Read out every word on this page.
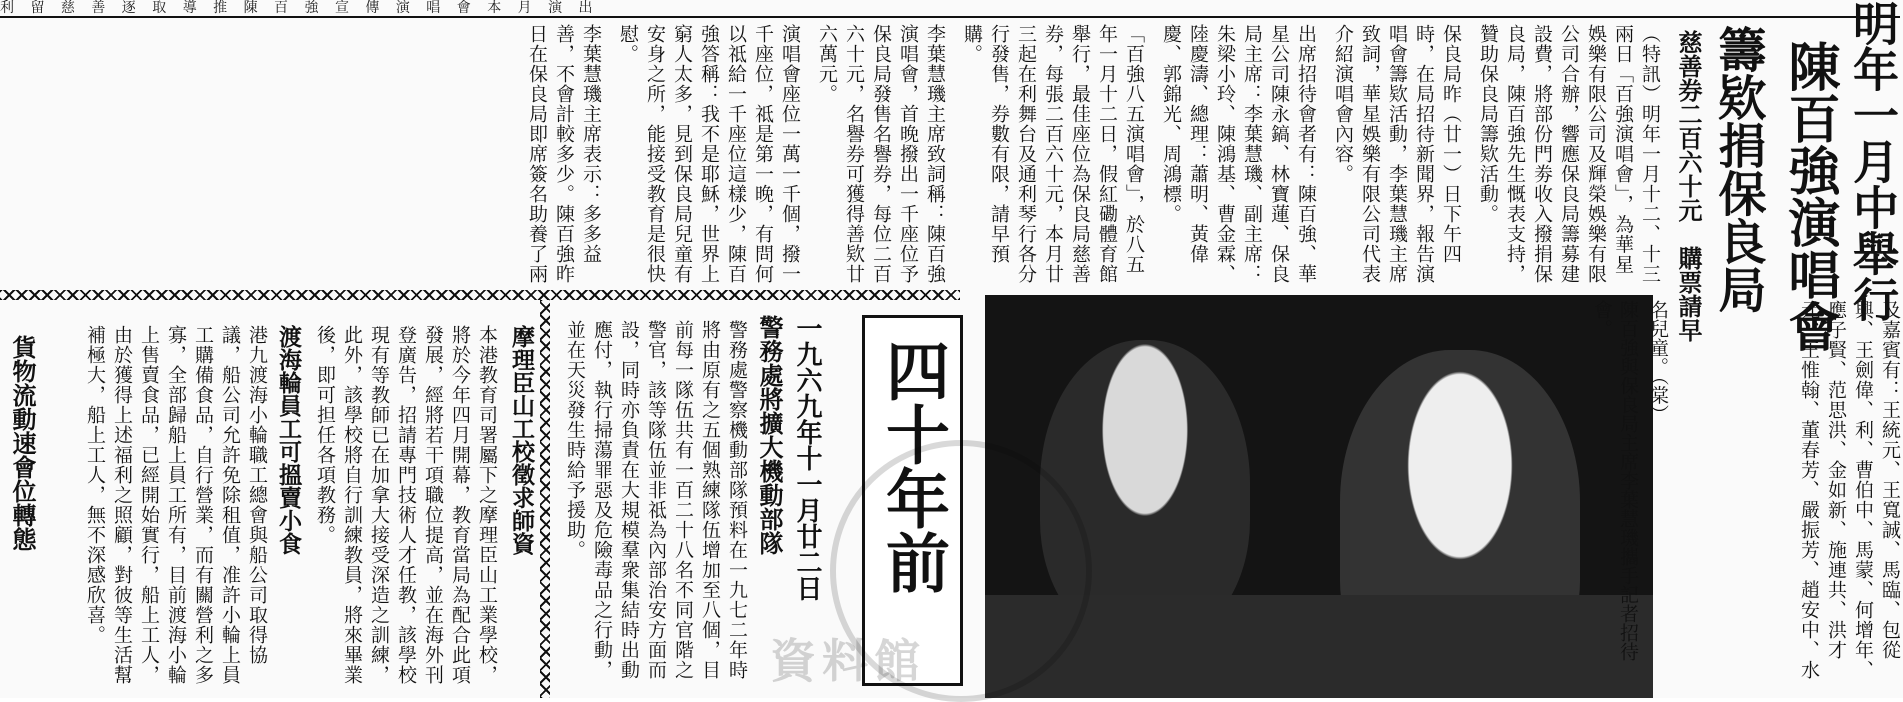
利 留 慈 善 逐 取 導 推 陳 百 強 宣 傳 演 唱 會 本 月 演 出	明年一月中舉行
陳百強演唱會
籌欵捐保良局
慈善券二百六十元　購票請早

（特訊）明年一月十二、十三兩日「百強演唱會」，為華星娛樂有限公司及輝榮娛樂有限公司合辦，響應保良局籌募建設費，將部份門劵收入撥捐保良局，陳百強先生慨表支持，贊助保良局籌欵活動。

保良局昨（廿一）日下午四時，在局招待新聞界，報告演唱會籌欵活動，李葉慧璣主席致詞，華星娛樂有限公司代表介紹演唱會內容。

出席招待會者有：陳百強、華星公司陳永鎬、林寶蓮、保良局主席：李葉慧璣、副主席：朱梁小玲、陳鴻基、曹金霖、陸慶濤、總理：蕭明、黃偉慶、郭錦光、周鴻標。

「百強八五演唱會」，於八五年一月十二日，假紅磡體育館舉行，最佳座位為保良局慈善券，每張二百六十元，本月廿三起在利舞台及通利琴行各分行發售，券數有限，請早預購。

李葉慧璣主席致詞稱：陳百強演唱會，首晚撥出一千座位予保良局發售名譽券，每位二百六十元，名譽券可獲得善欵廿六萬元。

演唱會座位一萬一千個，撥一千座位，祗是第一晚，有問何以祗給一千座位這樣少，陳百強答稱：我不是耶穌，世界上窮人太多，見到保良局兒童有安身之所，能接受教育是很快慰。

李葉慧璣主席表示：多多益善，不會計較多少。陳百強昨日在保良局即席簽名助養了兩

陳百強與保良局主席李葉慧璣攜手記者招待會。	名兒童。（棠）	及嘉賓有：王統元、王寬誠、馬臨、包從興、王劍偉、利、曹伯中、馬蒙、何增年、應子賢、范思洪、金如新、施連共、洪才元、王惟翰、董春芳、嚴振芳、趙安中、水
一九六九年十一月廿二日
警務處將擴大機動部隊
警務處警察機動部隊預料在一九七二年時將由原有之五個熟練隊伍增加至八個，目前每一隊伍共有一百二十八名不同官階之警官，該等隊伍並非祗為內部治安方面而設，同時亦負責在大規模羣衆集結時出動應付，執行掃蕩罪惡及危險毒品之行動，並在天災發生時給予援助。	四十年前
摩理臣山工校徵求師資
本港教育司署屬下之摩理臣山工業學校，將於今年四月開幕，教育當局為配合此項發展，經將若干項職位提高，並在海外刊登廣告，招請專門技術人才任教，該學校現有等教師已在加拿大接受深造之訓練，此外，該學校將自行訓練教員，將來畢業後，即可担任各項教務。
渡海輪員工可搵賣小食
港九渡海小輪職工總會與船公司取得協議，船公司允許免除租值，准許小輪上員工購備食品，自行營業，而有關營利之多寡，全部歸船上員工所有，目前渡海小輪上售賣食品，已經開始實行，船上工人，由於獲得上述福利之照顧，對彼等生活幫補極大，船上工人，無不深感欣喜。
貨物流動速會位轉態
資料館
